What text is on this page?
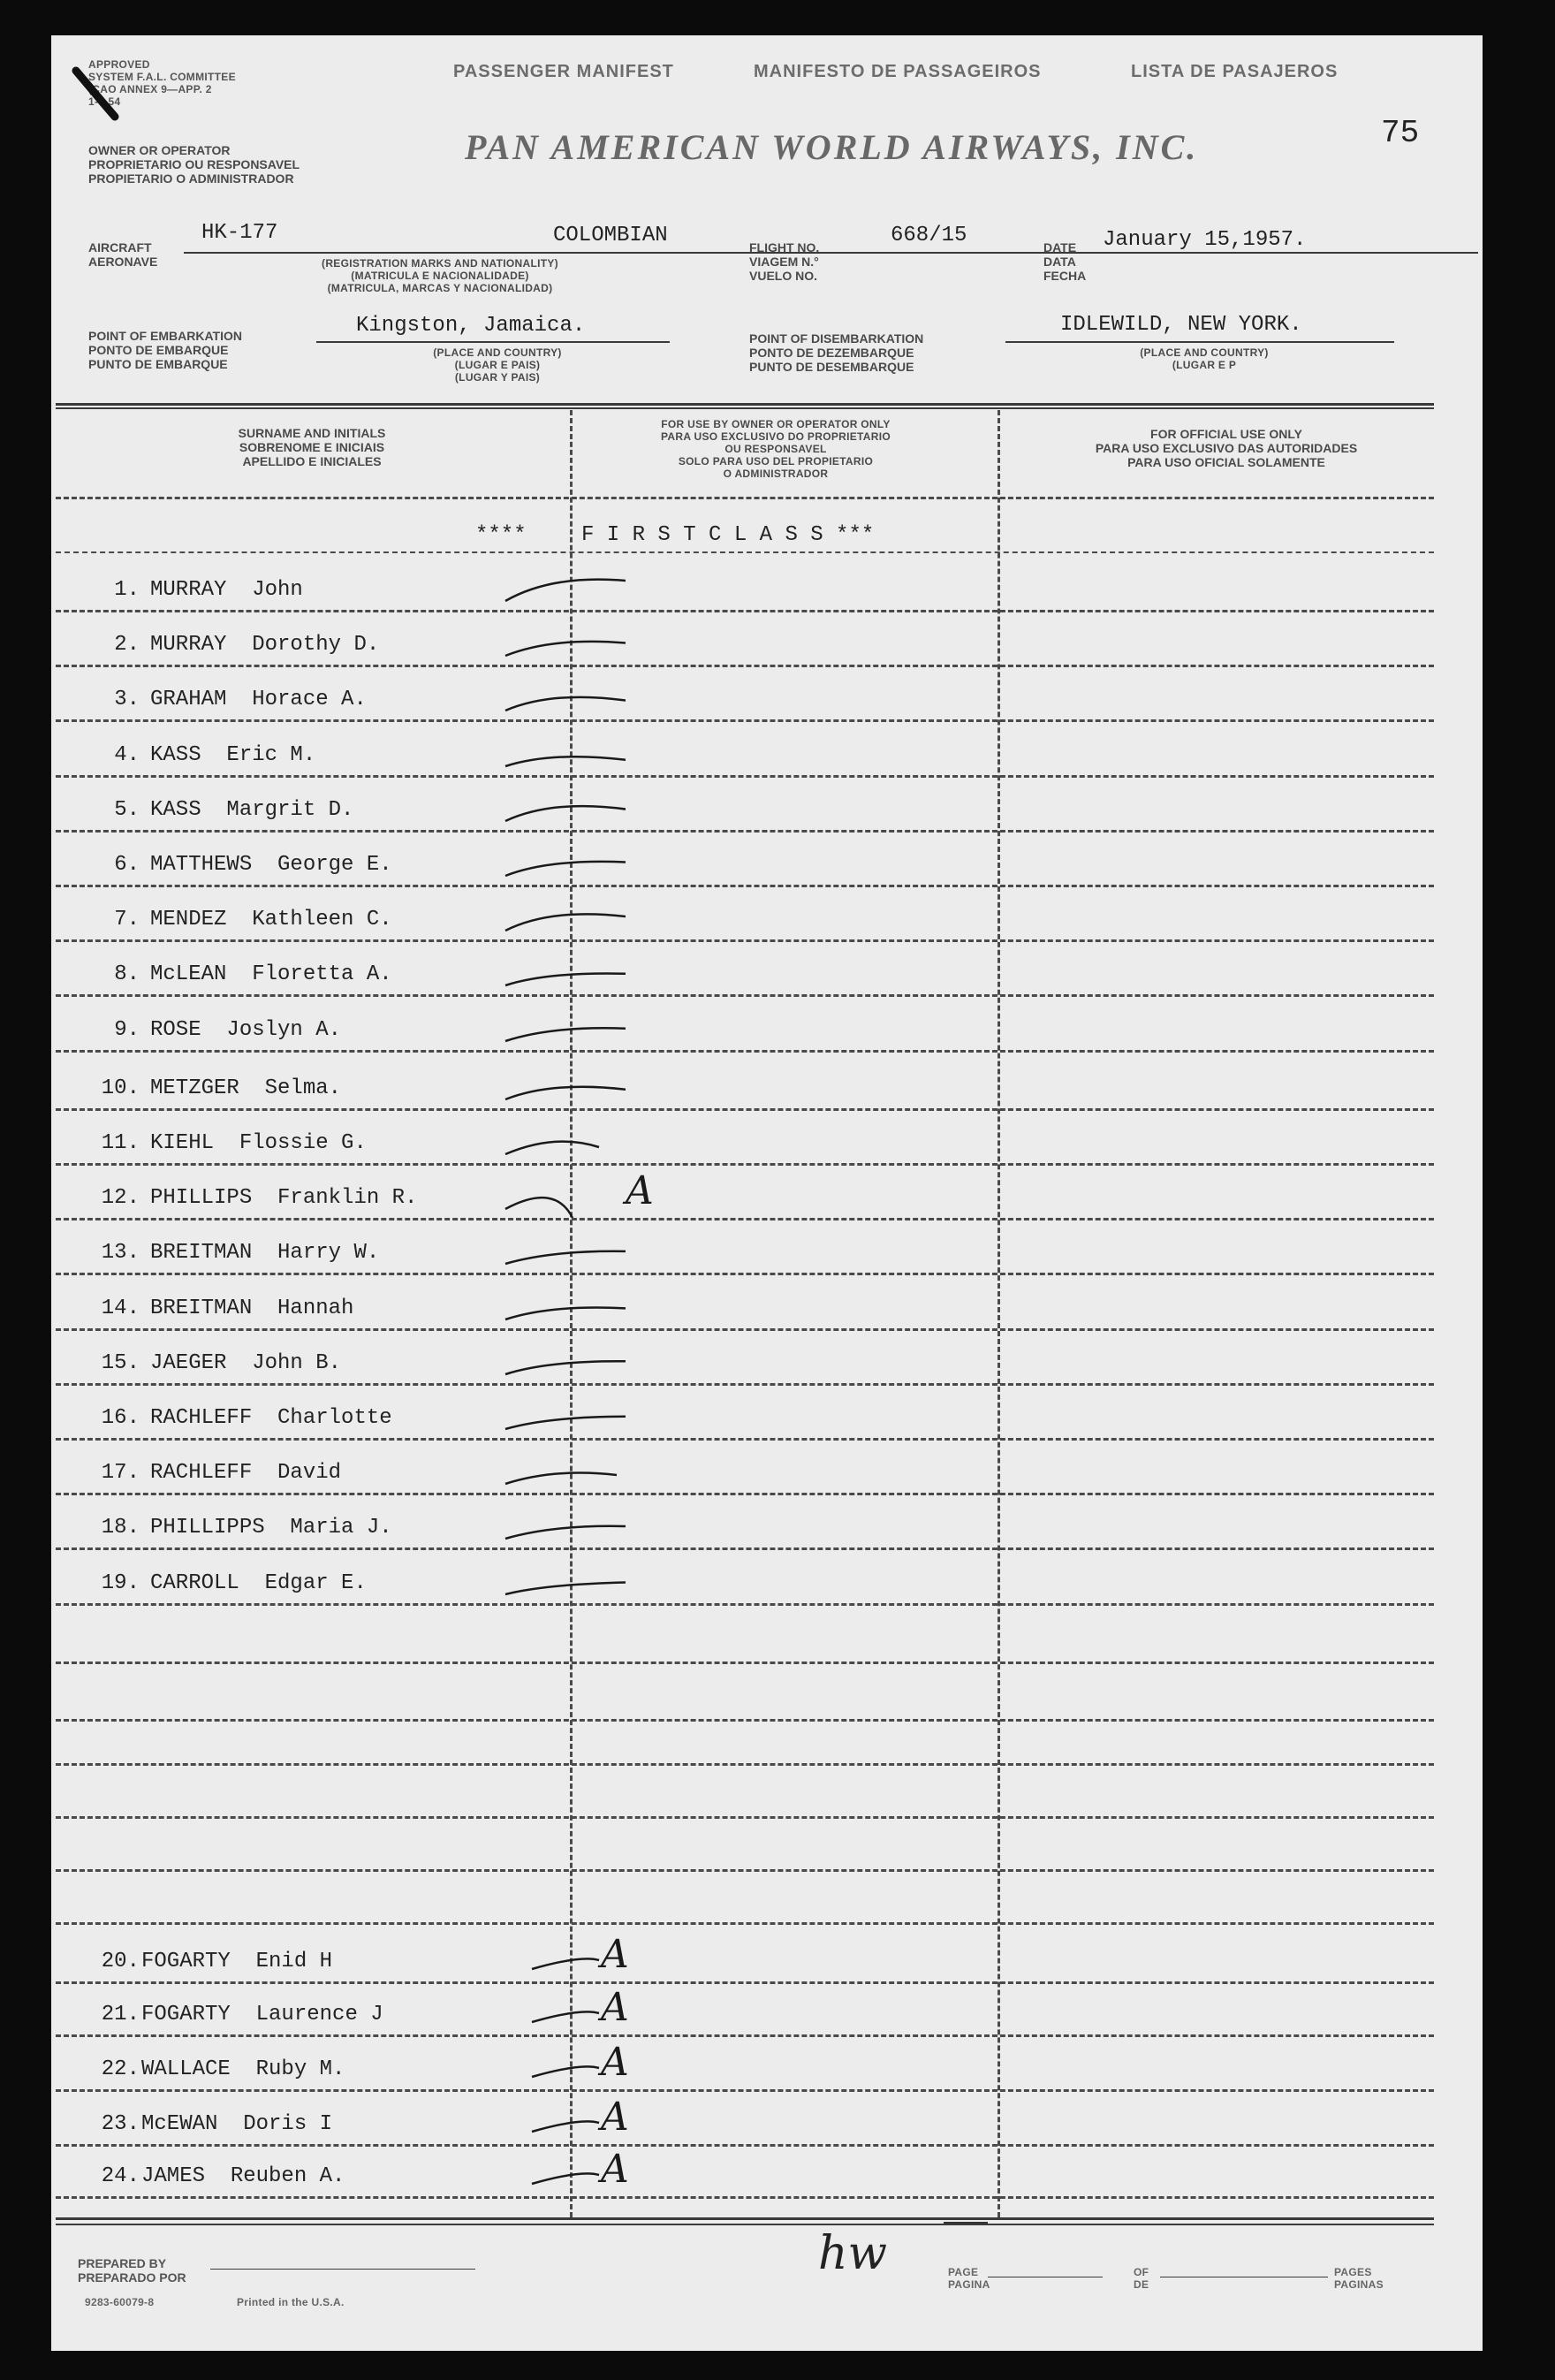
APPROVED
SYSTEM F.A.L. COMMITTEE
(CAO ANNEX 9—APP. 2
1-3-54
PASSENGER MANIFEST	MANIFESTO DE PASSAGEIROS	LISTA DE PASAJEROS
75
OWNER OR OPERATOR
PROPRIETARIO OU RESPONSAVEL
PROPIETARIO O ADMINISTRADOR
PAN AMERICAN WORLD AIRWAYS, INC.
AIRCRAFT
AERONAVE
HK-177	COLOMBIAN
(REGISTRATION MARKS AND NATIONALITY)
(MATRICULA E NACIONALIDADE)
(MATRICULA, MARCAS Y NACIONALIDAD)
FLIGHT NO.
VIAGEM N.°
VUELO NO.
668/15	DATE
DATA
FECHA
January 15,1957.
POINT OF EMBARKATION
PONTO DE EMBARQUE
PUNTO DE EMBARQUE
Kingston, Jamaica.
(PLACE AND COUNTRY)
(LUGAR E PAIS)
(LUGAR Y PAIS)
POINT OF DISEMBARKATION
PONTO DE DEZEMBARQUE
PUNTO DE DESEMBARQUE
IDLEWILD, NEW YORK.
(PLACE AND COUNTRY)
(LUGAR E P
SURNAME AND INITIALS
SOBRENOME E INICIAIS
APELLIDO E INICIALES
FOR USE BY OWNER OR OPERATOR ONLY
PARA USO EXCLUSIVO DO PROPRIETARIO
OU RESPONSAVEL
SOLO PARA USO DEL PROPIETARIO
O ADMINISTRADOR
FOR OFFICIAL USE ONLY
PARA USO EXCLUSIVO DAS AUTORIDADES
PARA USO OFICIAL SOLAMENTE
****	F I R S T C L A S S ***
1. MURRAY  John
2. MURRAY  Dorothy D.
3. GRAHAM  Horace A.
4. KASS  Eric M.
5. KASS  Margrit D.
6. MATTHEWS  George E.
7. MENDEZ  Kathleen C.
8. McLEAN  Floretta A.
9. ROSE  Joslyn A.
10. METZGER  Selma.
11. KIEHL  Flossie G.
12. PHILLIPS  Franklin R.	A
13. BREITMAN  Harry W.
14. BREITMAN  Hannah
15. JAEGER  John B.
16. RACHLEFF  Charlotte
17. RACHLEFF  David
18. PHILLIPPS  Maria J.
19. CARROLL  Edgar E.
20. FOGARTY  Enid H	A
21. FOGARTY  Laurence J	A
22. WALLACE  Ruby M.	A
23. McEWAN  Doris I	A
24. JAMES  Reuben A.	A
PREPARED BY
PREPARADO POR
9283-60079-8	Printed in the U.S.A.
hw	PAGE
PAGINA
OF
DE
PAGES
PAGINAS
